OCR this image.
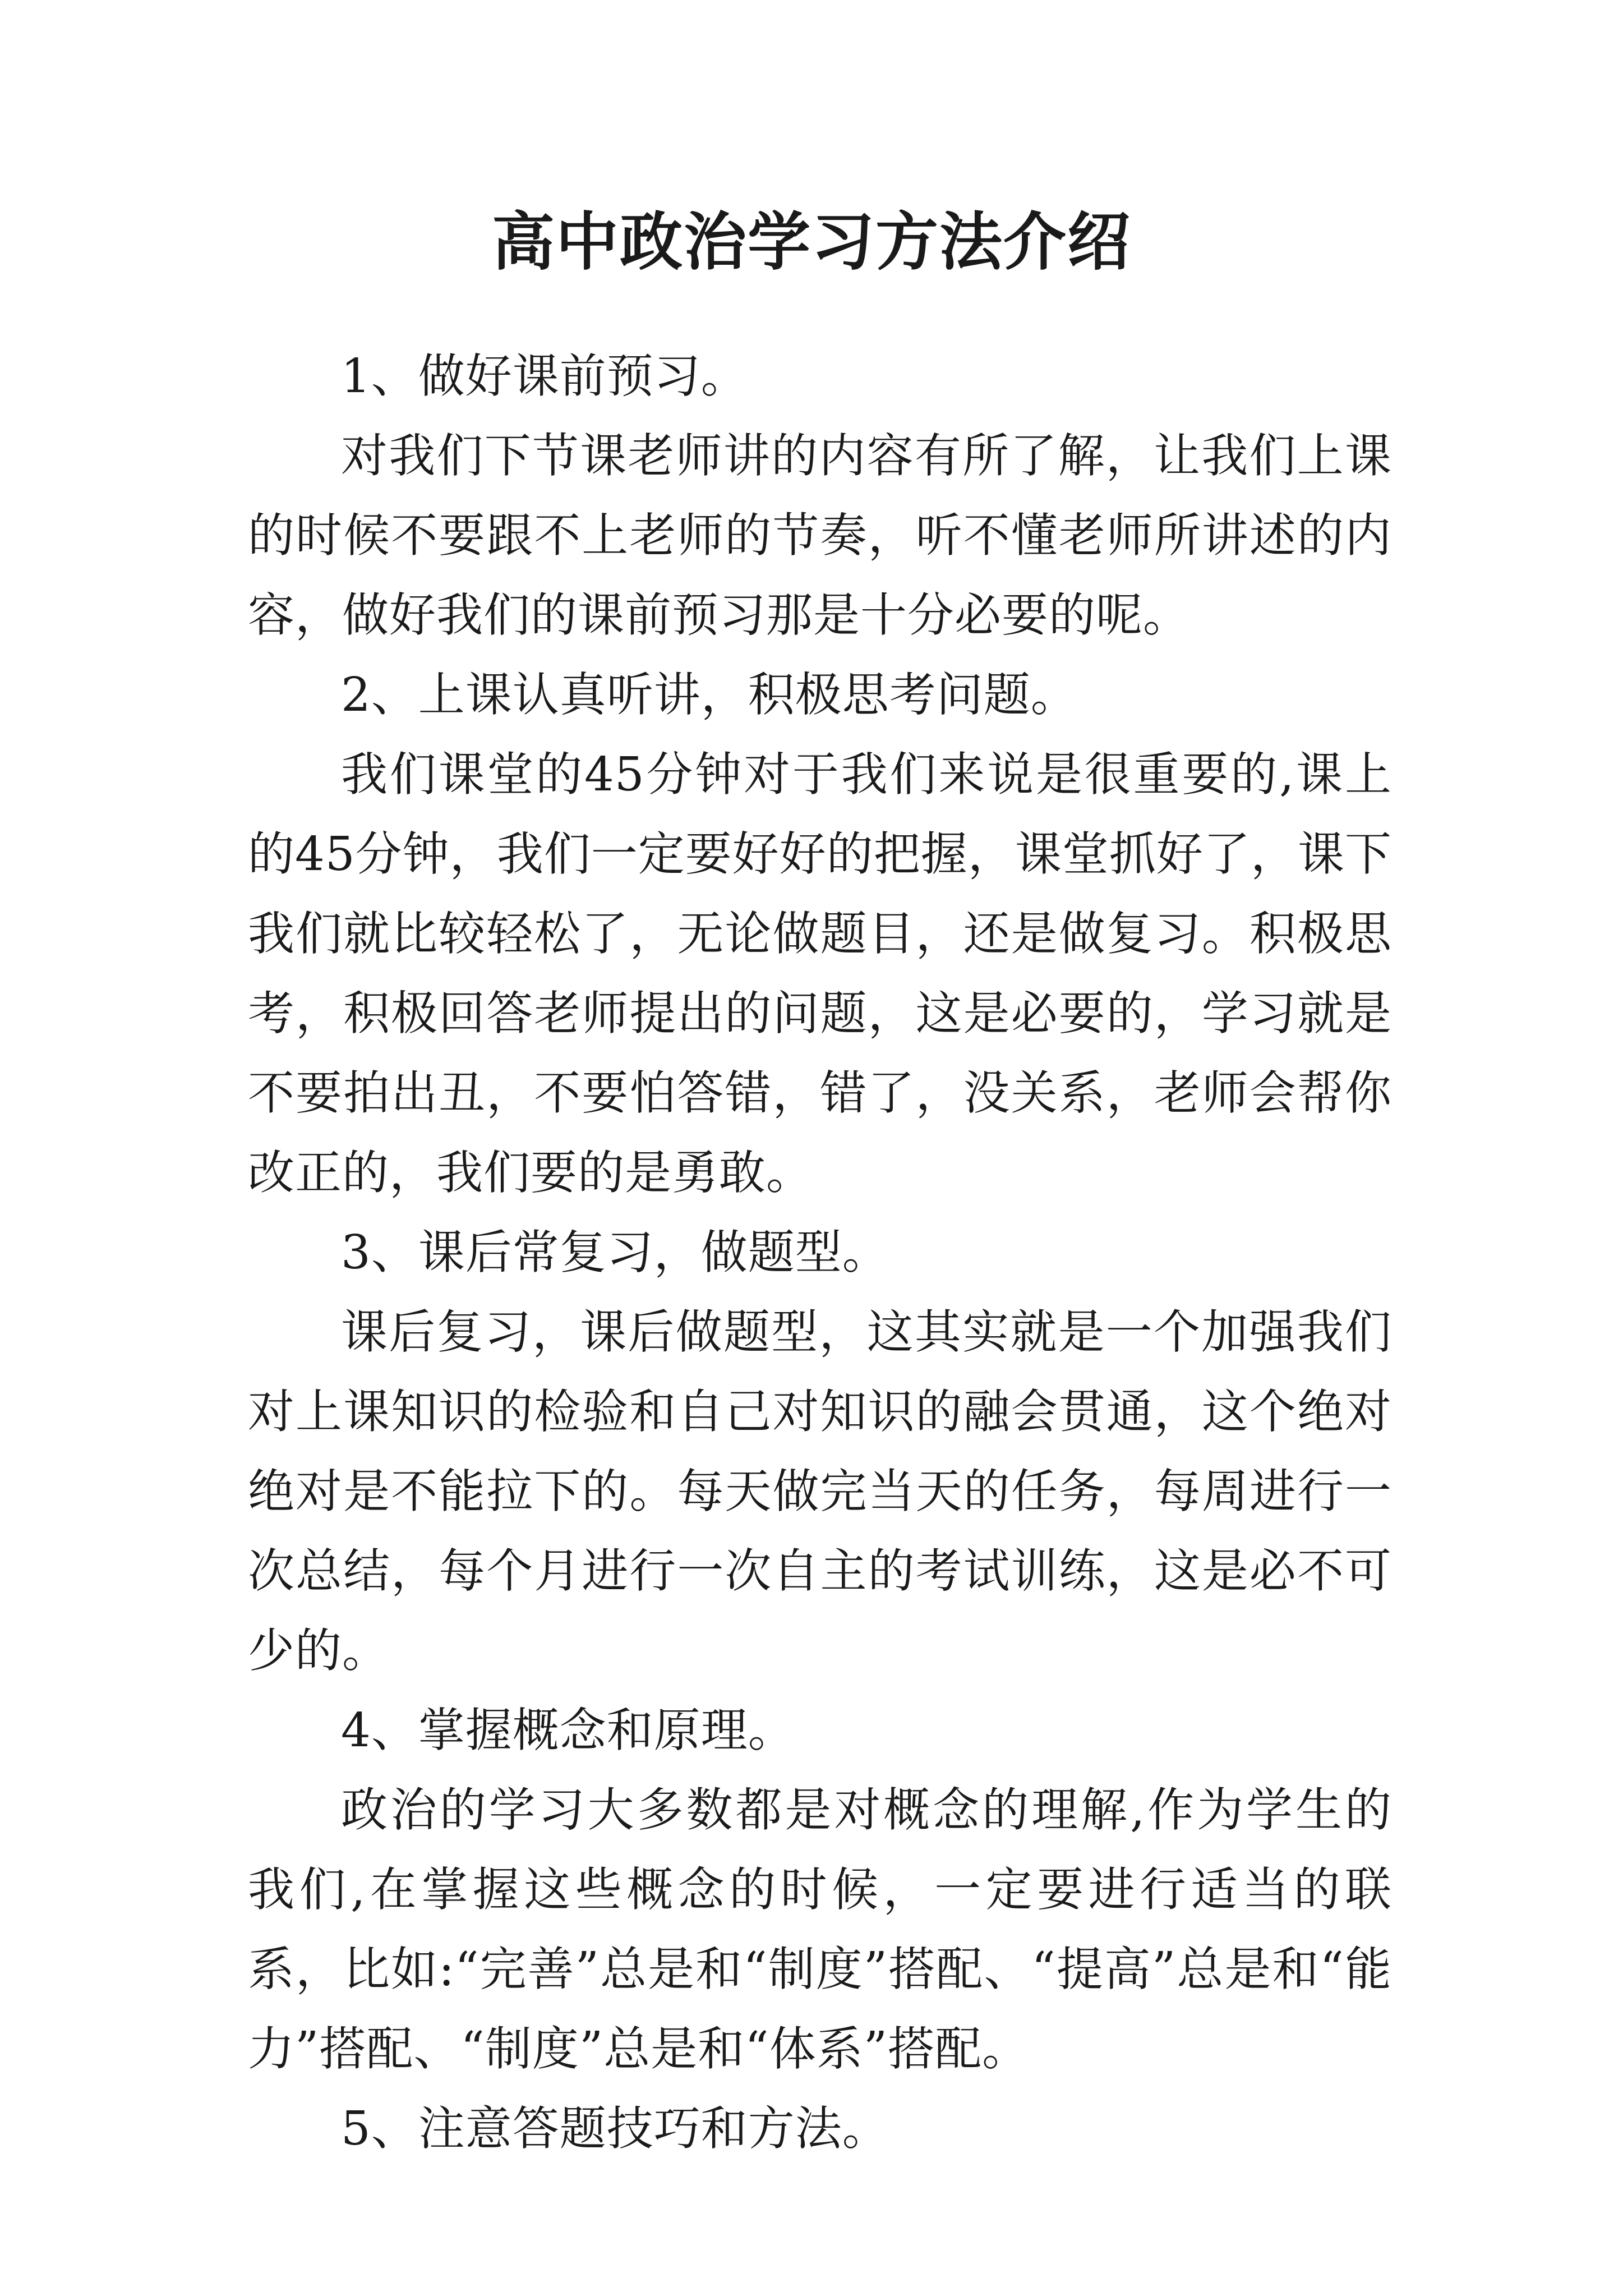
高中政治学习方法介绍

1、做好课前预习。

对我们下节课老师讲的内容有所了解，让我们上课的时候不要跟不上老师的节奏，听不懂老师所讲述的内容，做好我们的课前预习那是十分必要的呢。

2、上课认真听讲，积极思考问题。

我们课堂的45分钟对于我们来说是很重要的,课上的45分钟，我们一定要好好的把握，课堂抓好了，课下我们就比较轻松了，无论做题目，还是做复习。积极思考，积极回答老师提出的问题，这是必要的，学习就是不要拍出丑，不要怕答错，错了，没关系，老师会帮你改正的，我们要的是勇敢。

3、课后常复习，做题型。

课后复习，课后做题型，这其实就是一个加强我们对上课知识的检验和自己对知识的融会贯通，这个绝对绝对是不能拉下的。每天做完当天的任务，每周进行一次总结，每个月进行一次自主的考试训练，这是必不可少的。

4、掌握概念和原理。

政治的学习大多数都是对概念的理解,作为学生的我们,在掌握这些概念的时候，一定要进行适当的联系，比如:“完善”总是和“制度”搭配、“提高”总是和“能力”搭配、“制度”总是和“体系”搭配。

5、注意答题技巧和方法。
